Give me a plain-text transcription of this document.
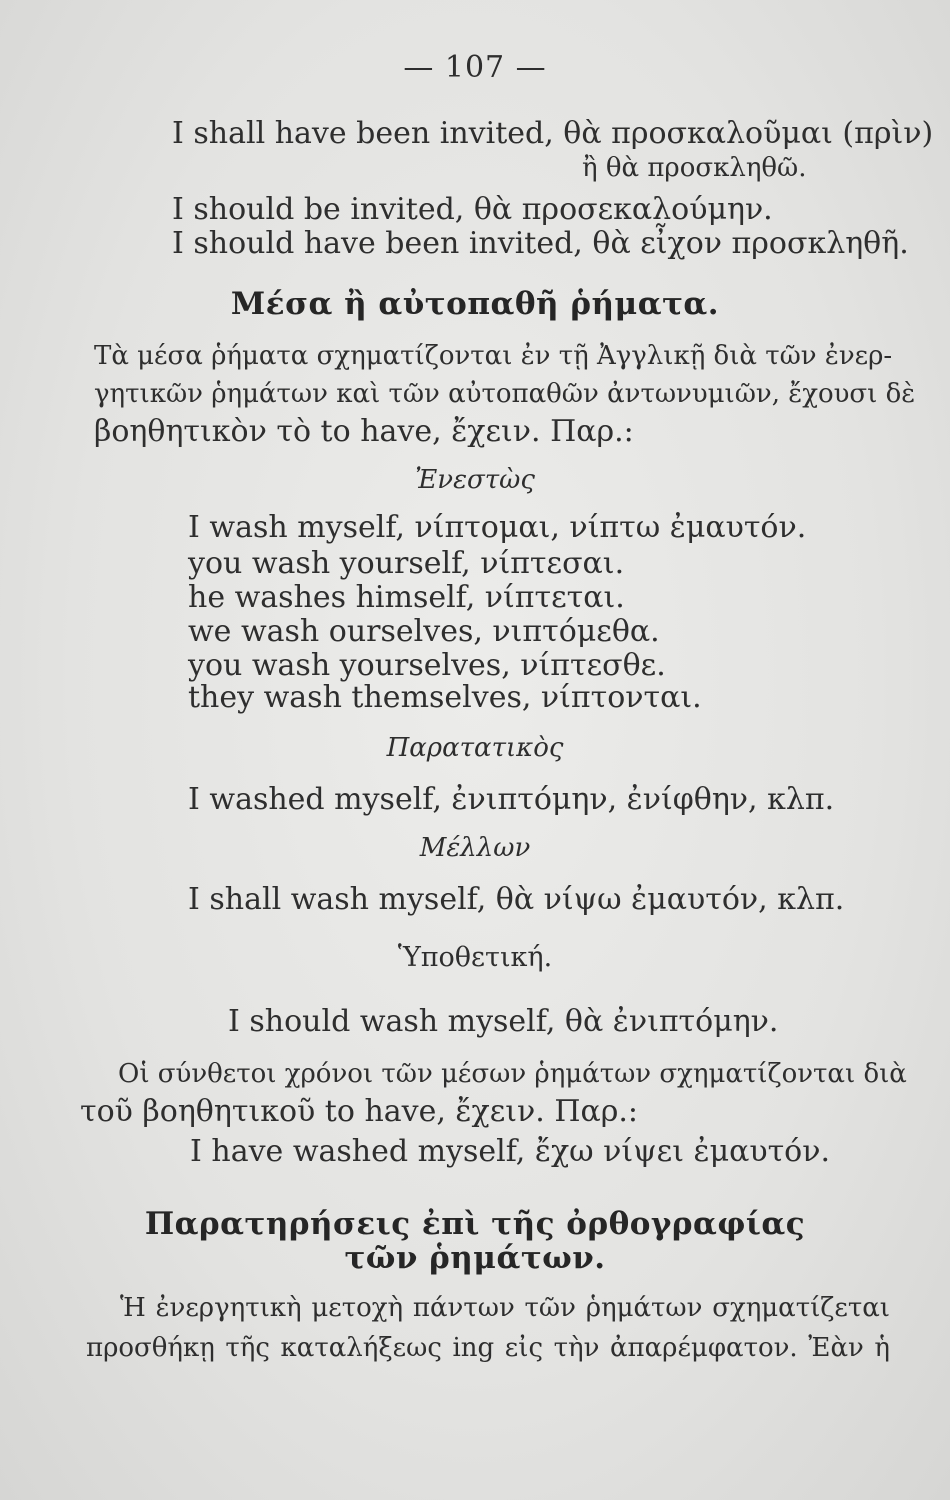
— 107 —
I shall have been invited, θὰ προσκαλοῦμαι (πρὶν)
ἢ θὰ προσκληθῶ.
I should be invited, θὰ προσεκαλούμην.
I should have been invited, θὰ εἶχον προσκληθῆ.
Μέσα ἢ αὐτοπαθῆ ῥήματα.
Τὰ μέσα ῥήματα σχηματίζονται ἐν τῇ Ἀγγλικῇ διὰ τῶν ἐνερ-
γητικῶν ῥημάτων καὶ τῶν αὐτοπαθῶν ἀντωνυμιῶν, ἔχουσι δὲ
βοηθητικὸν τὸ to have, ἔχειν. Παρ.:
Ἐνεστὼς
I wash myself, νίπτομαι, νίπτω ἐμαυτόν.
you wash yourself, νίπτεσαι.
he washes himself, νίπτεται.
we wash ourselves, νιπτόμεθα.
you wash yourselves, νίπτεσθε.
they wash themselves, νίπτονται.
Παρατατικὸς
I washed myself, ἐνιπτόμην, ἐνίφθην, κλπ.
Μέλλων
I shall wash myself, θὰ νίψω ἐμαυτόν, κλπ.
Ὑποθετική.
I should wash myself, θὰ ἐνιπτόμην.
Οἱ σύνθετοι χρόνοι τῶν μέσων ῥημάτων σχηματίζονται διὰ
τοῦ βοηθητικοῦ to have, ἔχειν. Παρ.:
I have washed myself, ἔχω νίψει ἐμαυτόν.
Παρατηρήσεις ἐπὶ τῆς ὀρθογραφίας
τῶν ῥημάτων.
Ἡ ἐνεργητικὴ μετοχὴ πάντων τῶν ῥημάτων σχηματίζεται
προσθήκῃ τῆς καταλήξεως ing εἰς τὴν ἀπαρέμφατον. Ἐὰν ἡ
